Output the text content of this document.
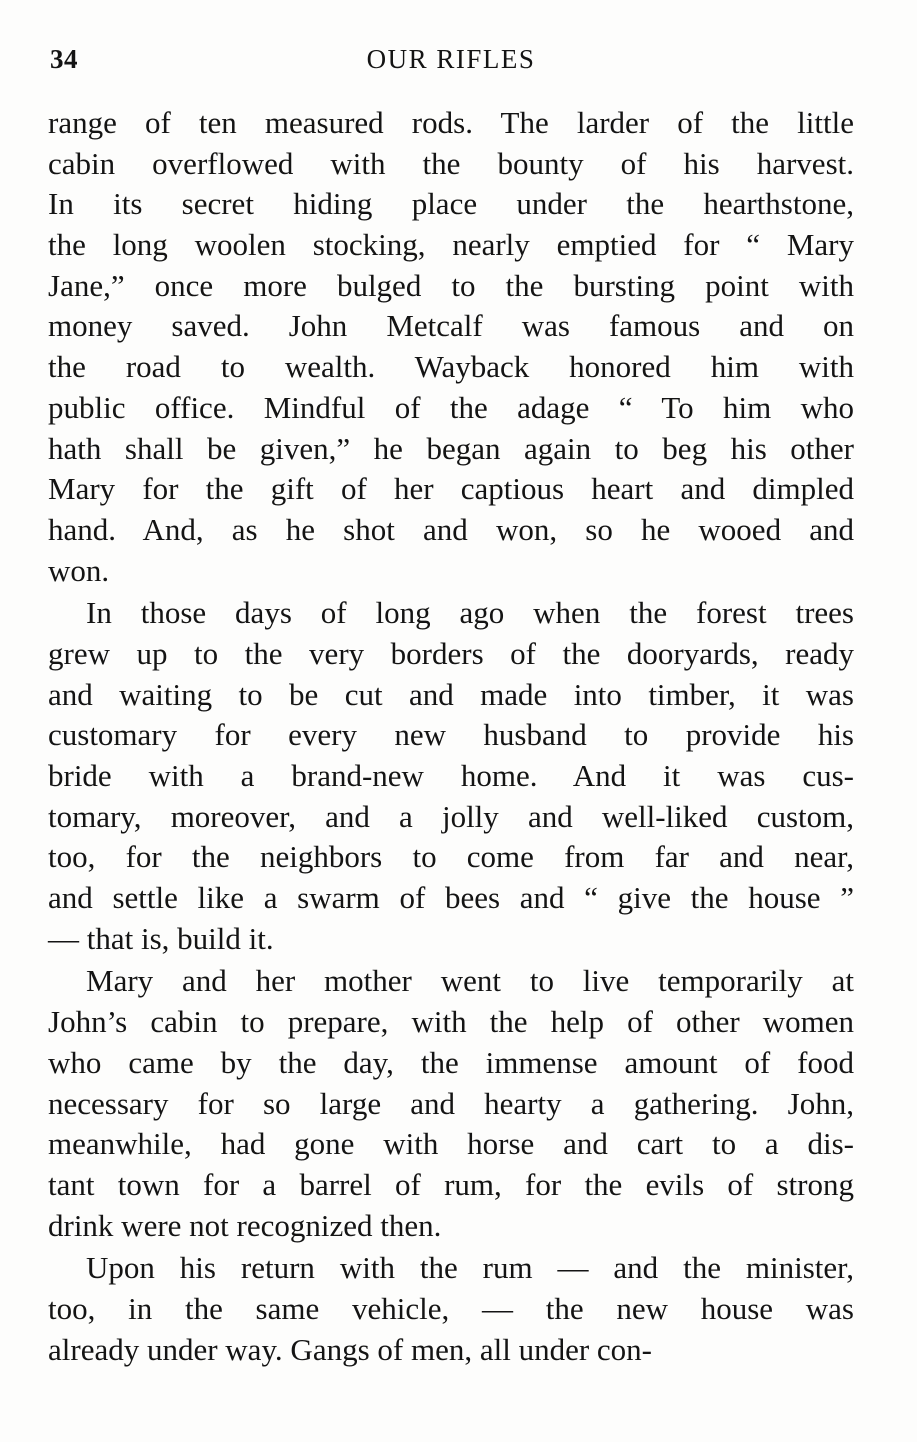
34	OUR RIFLES
range of ten measured rods. The larder of the little
cabin overflowed with the bounty of his harvest.
In its secret hiding place under the hearthstone,
the long woolen stocking, nearly emptied for “ Mary
Jane,” once more bulged to the bursting point with
money saved. John Metcalf was famous and on
the road to wealth. Wayback honored him with
public office. Mindful of the adage “ To him who
hath shall be given,” he began again to beg his other
Mary for the gift of her captious heart and dimpled
hand. And, as he shot and won, so he wooed and
won.
In those days of long ago when the forest trees
grew up to the very borders of the dooryards, ready
and waiting to be cut and made into timber, it was
customary for every new husband to provide his
bride with a brand-new home. And it was cus-
tomary, moreover, and a jolly and well-liked custom,
too, for the neighbors to come from far and near,
and settle like a swarm of bees and “ give the house ”
— that is, build it.
Mary and her mother went to live temporarily at
John’s cabin to prepare, with the help of other women
who came by the day, the immense amount of food
necessary for so large and hearty a gathering. John,
meanwhile, had gone with horse and cart to a dis-
tant town for a barrel of rum, for the evils of strong
drink were not recognized then.
Upon his return with the rum — and the minister,
too, in the same vehicle, — the new house was
already under way. Gangs of men, all under con-
